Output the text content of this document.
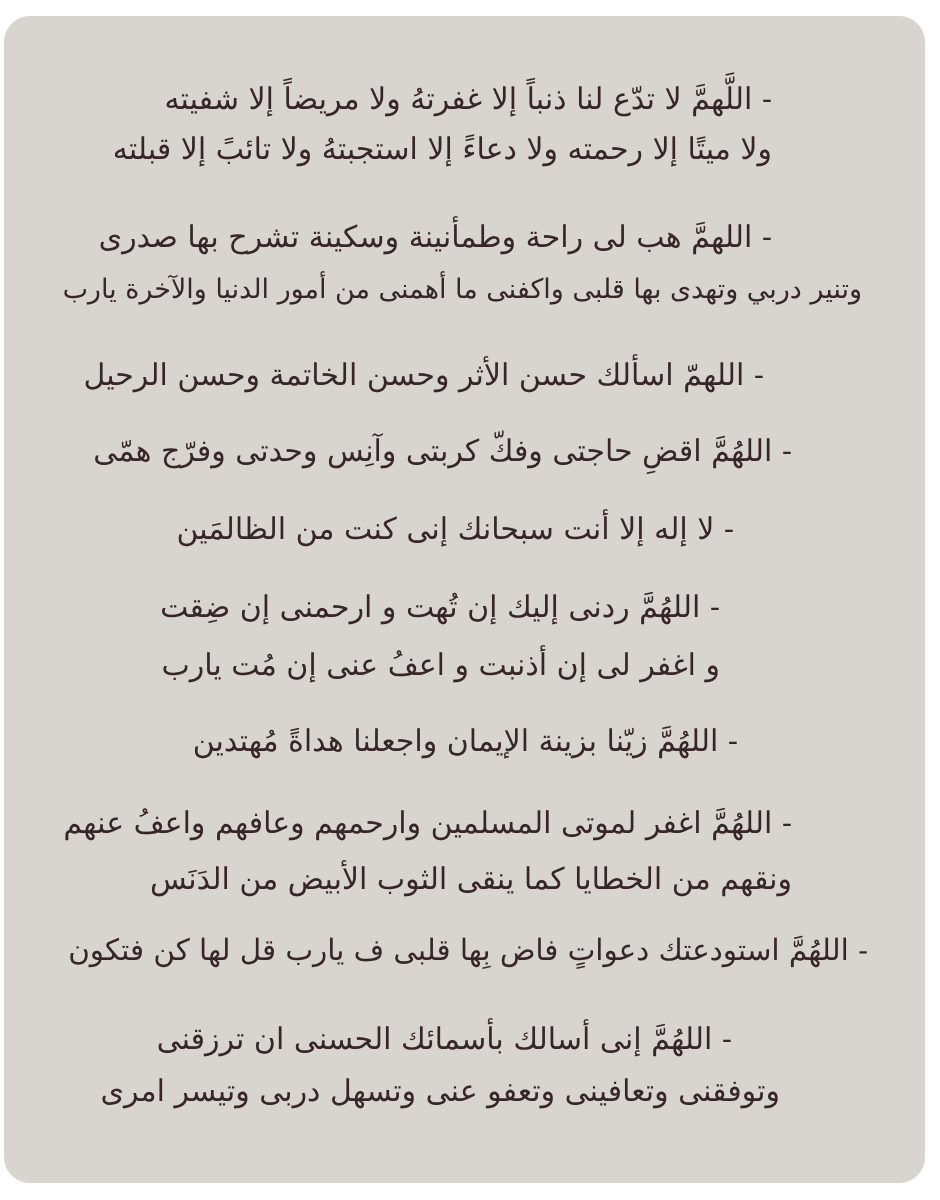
- اللَّهمَّ لا تدّع لنا ذنباً إلا غفرتهُ ولا مريضاً إلا شفيته
ولا ميتًا إلا رحمته ولا دعاءً إلا استجبتهُ ولا تائبً إلا قبلته
- اللهمَّ هب لى راحة وطمأنينة وسكينة تشرح بها صدرى
وتنير دربي وتهدى بها قلبى واكفنى ما أهمنى من أمور الدنيا والآخرة يارب
- اللهمّ اسألك حسن الأثر وحسن الخاتمة وحسن الرحيل
- اللهُمَّ اقضِ حاجتى وفكّ كربتى وآنِس وحدتى وفرّج همّى
- لا إله إلا أنت سبحانك إنى كنت من الظالمَين
- اللهُمَّ ردنى إليك إن تُهت و ارحمنى إن ضِقت
و اغفر لى إن أذنبت و اعفُ عنى إن مُت يارب
- اللهُمَّ زيّنا بزينة الإيمان واجعلنا هداةً مُهتدين
- اللهُمَّ اغفر لموتى المسلمين وارحمهم وعافهم واعفُ عنهم
ونقهم من الخطايا كما ينقى الثوب الأبيض من الدَنَس
- اللهُمَّ استودعتك دعواتٍ فاض بِها قلبى ف يارب قل لها كن فتكون
- اللهُمَّ إنى أسالك بأسمائك الحسنى ان ترزقنى
وتوفقنى وتعافينى وتعفو عنى وتسهل دربى وتيسر امرى
